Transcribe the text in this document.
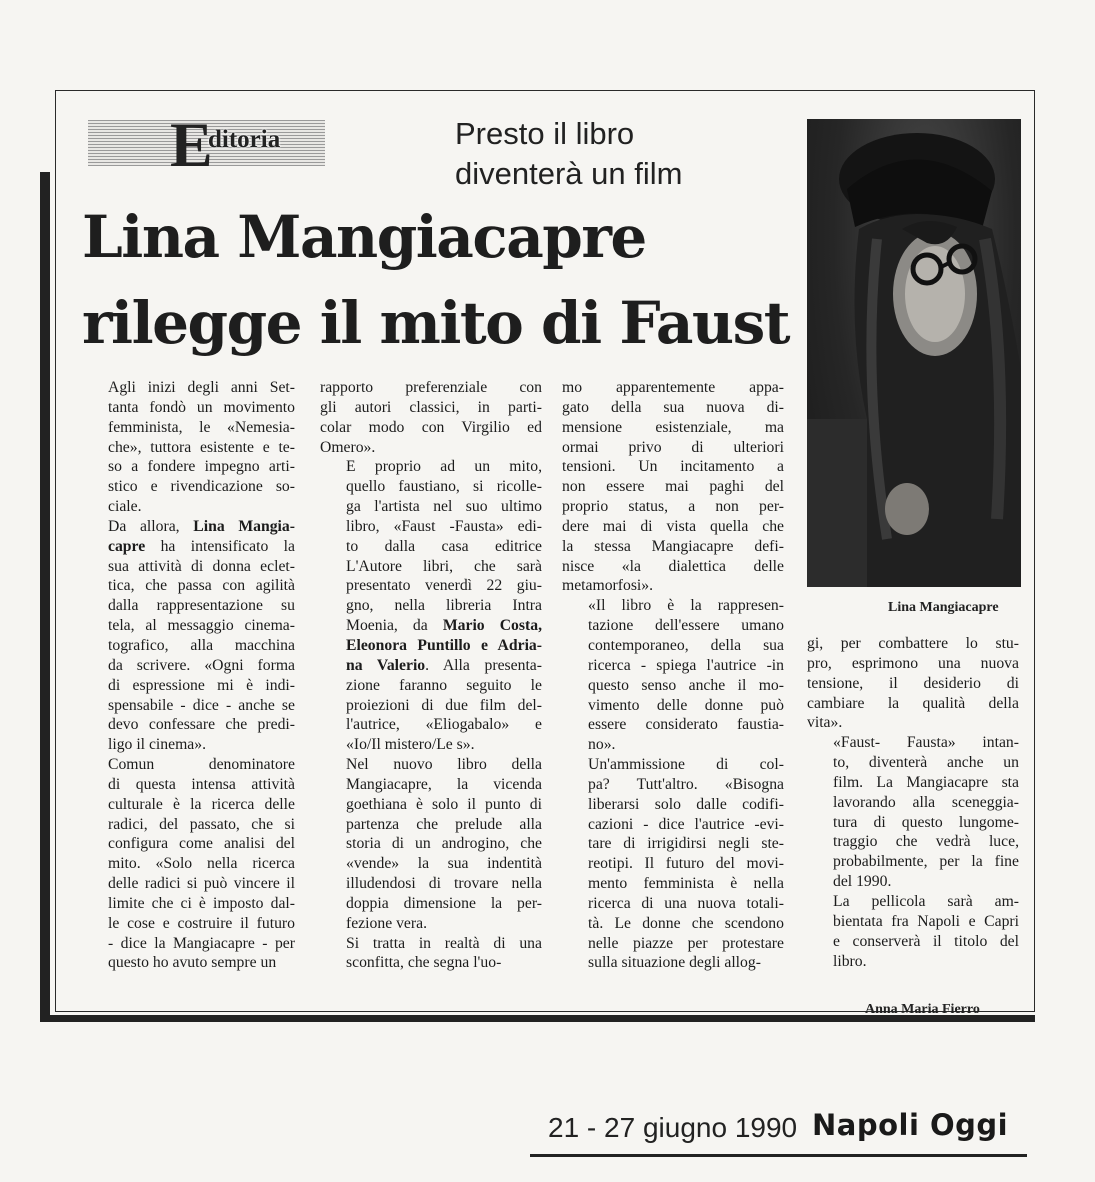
E
ditoria	Presto il libro
diventerà un film
Lina Mangiacapre
rilegge il mito di Faust

Agli inizi degli anni Set-
tanta fondò un movimento
femminista, le «Nemesia-
che», tuttora esistente e te-
so a fondere impegno arti-
stico e rivendicazione so-
ciale.

Da allora, Lina Mangia-
capre ha intensificato la
sua attività di donna eclet-
tica, che passa con agilità
dalla rappresentazione su
tela, al messaggio cinema-
tografico, alla macchina
da scrivere. «Ogni forma
di espressione mi è indi-
spensabile - dice - anche se
devo confessare che predi-
ligo il cinema».

Comun denominatore
di questa intensa attività
culturale è la ricerca delle
radici, del passato, che si
configura come analisi del
mito. «Solo nella ricerca
delle radici si può vincere il
limite che ci è imposto dal-
le cose e costruire il futuro
- dice la Mangiacapre - per
questo ho avuto sempre un

rapporto preferenziale con
gli autori classici, in parti-
colar modo con Virgilio ed
Omero».

E proprio ad un mito,
quello faustiano, si ricolle-
ga l'artista nel suo ultimo
libro, «Faust -Fausta» edi-
to dalla casa editrice
L'Autore libri, che sarà
presentato venerdì 22 giu-
gno, nella libreria Intra
Moenia, da Mario Costa,
Eleonora Puntillo e Adria-
na Valerio. Alla presenta-
zione faranno seguito le
proiezioni di due film del-
l'autrice, «Eliogabalo» e
«Io/Il mistero/Le s».

Nel nuovo libro della
Mangiacapre, la vicenda
goethiana è solo il punto di
partenza che prelude alla
storia di un androgino, che
«vende» la sua indentità
illudendosi di trovare nella
doppia dimensione la per-
fezione vera.

Si tratta in realtà di una
sconfitta, che segna l'uo-

mo apparentemente appa-
gato della sua nuova di-
mensione esistenziale, ma
ormai privo di ulteriori
tensioni. Un incitamento a
non essere mai paghi del
proprio status, a non per-
dere mai di vista quella che
la stessa Mangiacapre defi-
nisce «la dialettica delle
metamorfosi».

«Il libro è la rappresen-
tazione dell'essere umano
contemporaneo, della sua
ricerca - spiega l'autrice -in
questo senso anche il mo-
vimento delle donne può
essere considerato faustia-
no».

Un'ammissione di col-
pa? Tutt'altro. «Bisogna
liberarsi solo dalle codifi-
cazioni - dice l'autrice -evi-
tare di irrigidirsi negli ste-
reotipi. Il futuro del movi-
mento femminista è nella
ricerca di una nuova totali-
tà. Le donne che scendono
nelle piazze per protestare
sulla situazione degli allog-

gi, per combattere lo stu-
pro, esprimono una nuova
tensione, il desiderio di
cambiare la qualità della
vita».

«Faust- Fausta» intan-
to, diventerà anche un
film. La Mangiacapre sta
lavorando alla sceneggia-
tura di questo lungome-
traggio che vedrà luce,
probabilmente, per la fine
del 1990.

La pellicola sarà am-
bientata fra Napoli e Capri
e conserverà il titolo del
libro.

Lina Mangiacapre
Anna Maria Fierro
21 - 27 giugno 1990 Napoli Oggi
